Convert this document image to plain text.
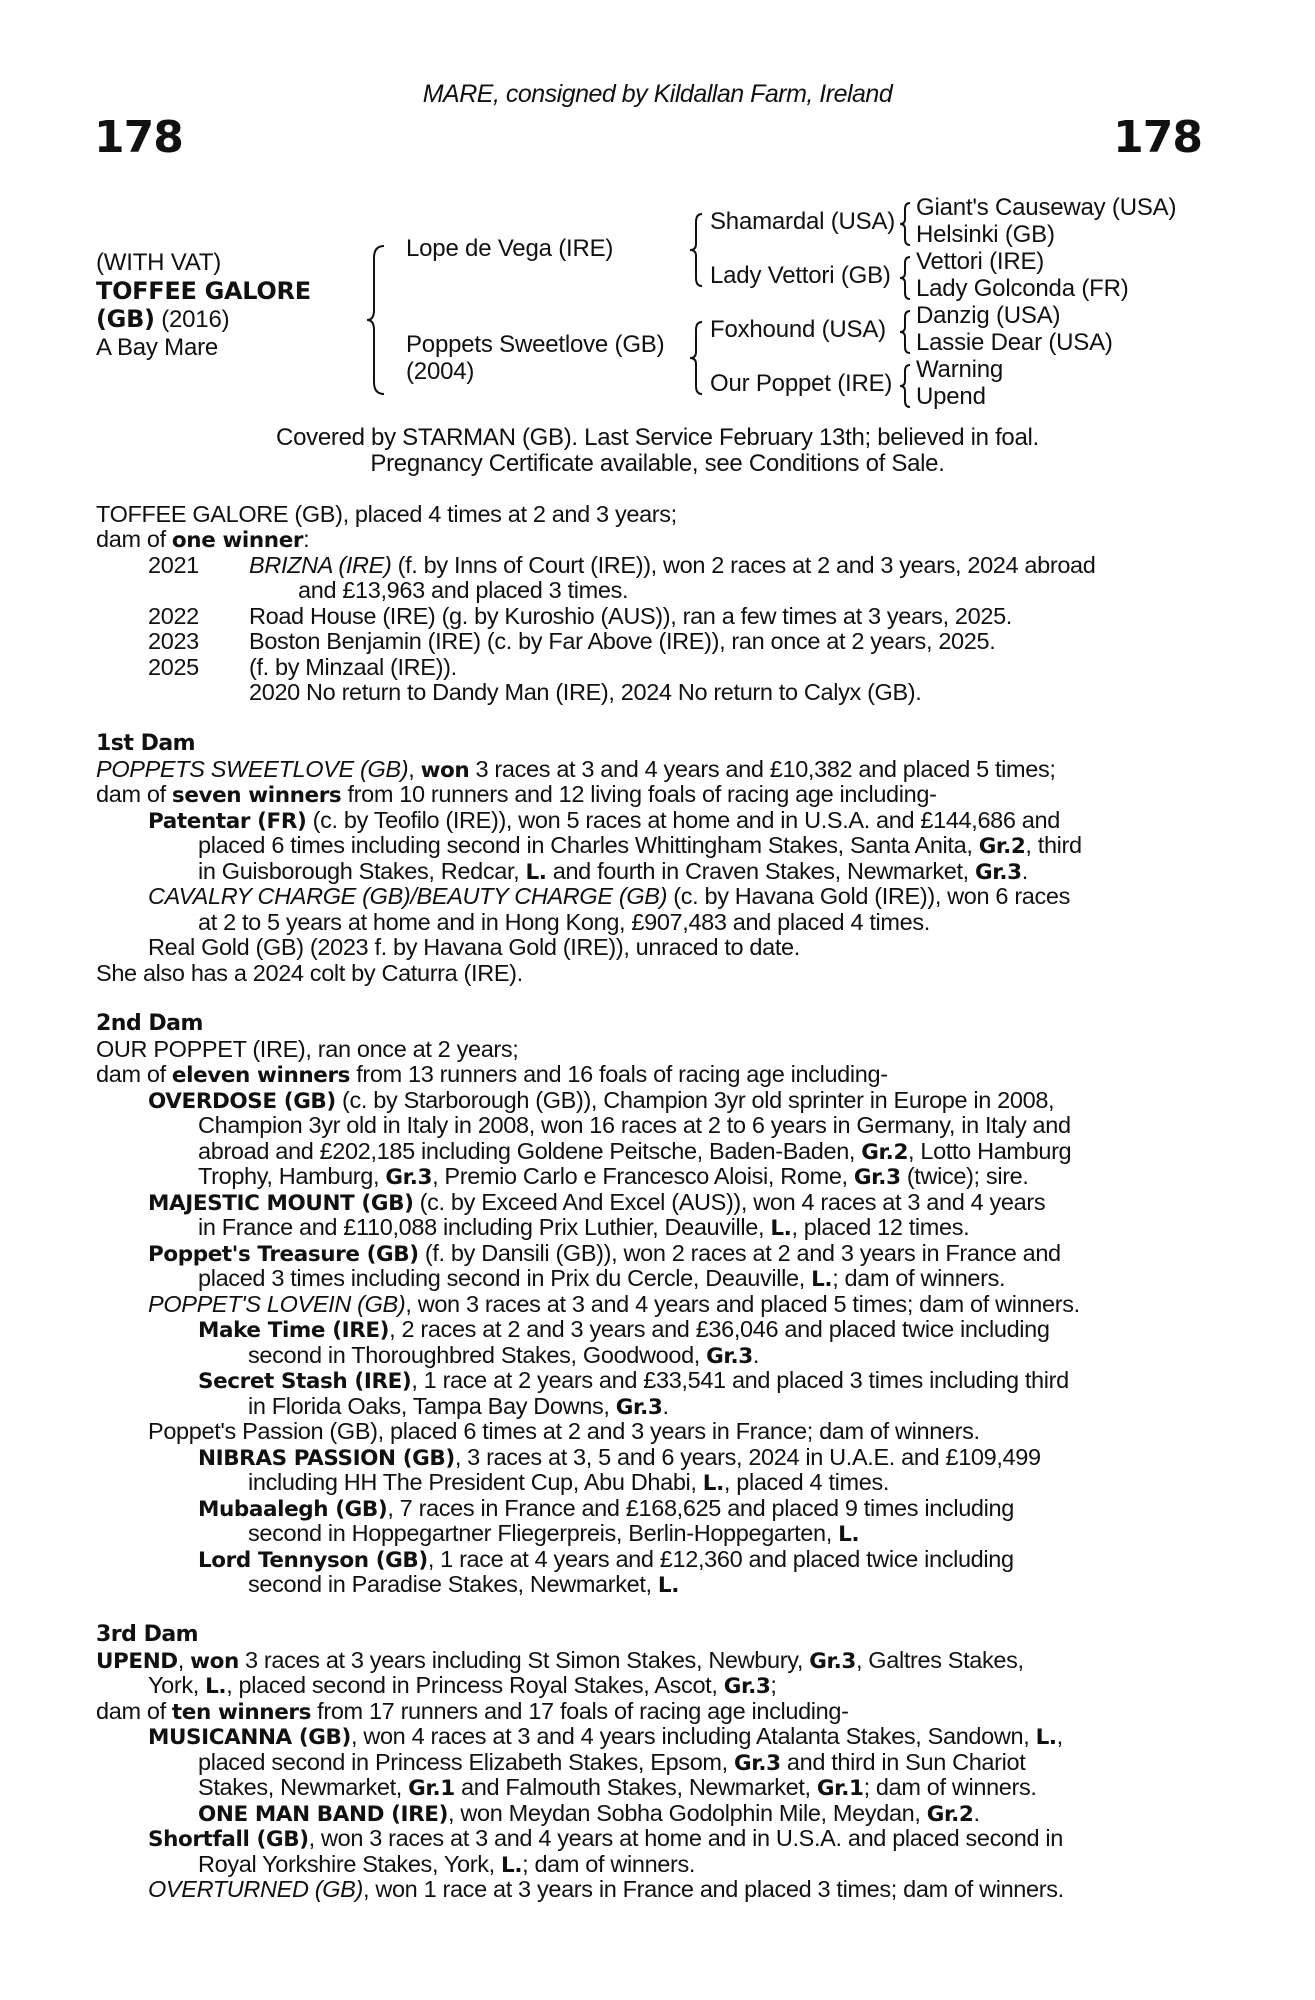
MARE, consigned by Kildallan Farm, Ireland
178	178
(WITH VAT)
TOFFEE GALORE
(GB) (2016)
A Bay Mare
Lope de Vega (IRE)
Poppets Sweetlove (GB)
(2004)
Shamardal (USA)
Lady Vettori (GB)
Foxhound (USA)
Our Poppet (IRE)
Giant's Causeway (USA)
Helsinki (GB)
Vettori (IRE)
Lady Golconda (FR)
Danzig (USA)
Lassie Dear (USA)
Warning
Upend
Covered by STARMAN (GB). Last Service February 13th; believed in foal.
Pregnancy Certificate available, see Conditions of Sale.
TOFFEE GALORE (GB), placed 4 times at 2 and 3 years;
dam of one winner:
2021 BRIZNA (IRE) (f. by Inns of Court (IRE)), won 2 races at 2 and 3 years, 2024 abroad
and £13,963 and placed 3 times.
2022 Road House (IRE) (g. by Kuroshio (AUS)), ran a few times at 3 years, 2025.
2023 Boston Benjamin (IRE) (c. by Far Above (IRE)), ran once at 2 years, 2025.
2025 (f. by Minzaal (IRE)).
2020 No return to Dandy Man (IRE), 2024 No return to Calyx (GB).
1st Dam
POPPETS SWEETLOVE (GB), won 3 races at 3 and 4 years and £10,382 and placed 5 times;
dam of seven winners from 10 runners and 12 living foals of racing age including-
Patentar (FR) (c. by Teofilo (IRE)), won 5 races at home and in U.S.A. and £144,686 and
placed 6 times including second in Charles Whittingham Stakes, Santa Anita, Gr.2, third
in Guisborough Stakes, Redcar, L. and fourth in Craven Stakes, Newmarket, Gr.3.
CAVALRY CHARGE (GB)/BEAUTY CHARGE (GB) (c. by Havana Gold (IRE)), won 6 races
at 2 to 5 years at home and in Hong Kong, £907,483 and placed 4 times.
Real Gold (GB) (2023 f. by Havana Gold (IRE)), unraced to date.
She also has a 2024 colt by Caturra (IRE).
2nd Dam
OUR POPPET (IRE), ran once at 2 years;
dam of eleven winners from 13 runners and 16 foals of racing age including-
OVERDOSE (GB) (c. by Starborough (GB)), Champion 3yr old sprinter in Europe in 2008,
Champion 3yr old in Italy in 2008, won 16 races at 2 to 6 years in Germany, in Italy and
abroad and £202,185 including Goldene Peitsche, Baden-Baden, Gr.2, Lotto Hamburg
Trophy, Hamburg, Gr.3, Premio Carlo e Francesco Aloisi, Rome, Gr.3 (twice); sire.
MAJESTIC MOUNT (GB) (c. by Exceed And Excel (AUS)), won 4 races at 3 and 4 years
in France and £110,088 including Prix Luthier, Deauville, L., placed 12 times.
Poppet's Treasure (GB) (f. by Dansili (GB)), won 2 races at 2 and 3 years in France and
placed 3 times including second in Prix du Cercle, Deauville, L.; dam of winners.
POPPET'S LOVEIN (GB), won 3 races at 3 and 4 years and placed 5 times; dam of winners.
Make Time (IRE), 2 races at 2 and 3 years and £36,046 and placed twice including
second in Thoroughbred Stakes, Goodwood, Gr.3.
Secret Stash (IRE), 1 race at 2 years and £33,541 and placed 3 times including third
in Florida Oaks, Tampa Bay Downs, Gr.3.
Poppet's Passion (GB), placed 6 times at 2 and 3 years in France; dam of winners.
NIBRAS PASSION (GB), 3 races at 3, 5 and 6 years, 2024 in U.A.E. and £109,499
including HH The President Cup, Abu Dhabi, L., placed 4 times.
Mubaalegh (GB), 7 races in France and £168,625 and placed 9 times including
second in Hoppegartner Fliegerpreis, Berlin-Hoppegarten, L.
Lord Tennyson (GB), 1 race at 4 years and £12,360 and placed twice including
second in Paradise Stakes, Newmarket, L.
3rd Dam
UPEND, won 3 races at 3 years including St Simon Stakes, Newbury, Gr.3, Galtres Stakes,
York, L., placed second in Princess Royal Stakes, Ascot, Gr.3;
dam of ten winners from 17 runners and 17 foals of racing age including-
MUSICANNA (GB), won 4 races at 3 and 4 years including Atalanta Stakes, Sandown, L.,
placed second in Princess Elizabeth Stakes, Epsom, Gr.3 and third in Sun Chariot
Stakes, Newmarket, Gr.1 and Falmouth Stakes, Newmarket, Gr.1; dam of winners.
ONE MAN BAND (IRE), won Meydan Sobha Godolphin Mile, Meydan, Gr.2.
Shortfall (GB), won 3 races at 3 and 4 years at home and in U.S.A. and placed second in
Royal Yorkshire Stakes, York, L.; dam of winners.
OVERTURNED (GB), won 1 race at 3 years in France and placed 3 times; dam of winners.
